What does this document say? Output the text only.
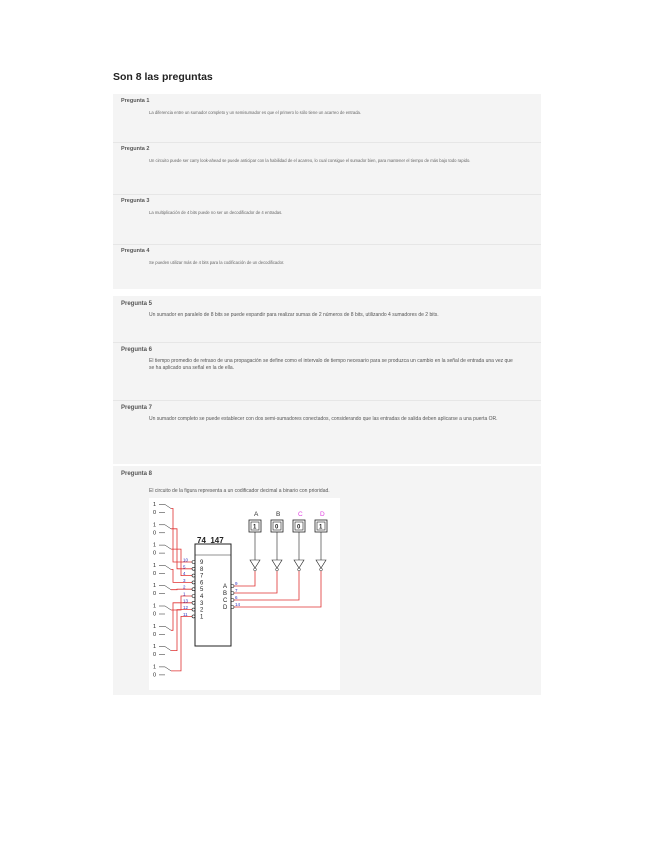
Son 8 las preguntas
Pregunta 1
La diferencia entre un sumador completo y un semisumador es que el primero lo sólo tiene un acarreo de entrada.
Pregunta 2
Un circuito puede ser carry look-ahead se puede anticipar con la habilidad de el acarreo, lo cual consigue el sumador bien, para mantener el tiempo de más bajo todo rapido.
Pregunta 3
La multiplicación de 4 bits puede no ser un decodificador de 4 entradas.
Pregunta 4
Se pueden utilizar más de 4 bits para la codificación de un decodificador.
Pregunta 5
Un sumador en paralelo de 8 bits se puede expandir para realizar sumas de 2 números de 8 bits, utilizando 4 sumadores de 2 bits.
Pregunta 6
El tiempo promedio de retraso de una propagación se define como el intervalo de tiempo necesario para se produzca un cambio en la señal de entrada una vez que se ha aplicado una señal en la de ella.
Pregunta 7
Un sumador completo se puede establecer con dos semi-sumadores conectados, considerando que las entradas de salida deben aplicarse a una puerta OR.
Pregunta 8
El circuito de la figura representa a un codificador decimal a binario con prioridad.
1
0
1
0
1
0
1
0
1
0
1
0
1
0
1
0
1
0
74_147
9
10
8
5
7
4
6
3
5
2
4
1
3
13
2
12
1
11
A
9
B
7
C
6
D
14
A
1
B
0
C
0
D
1
